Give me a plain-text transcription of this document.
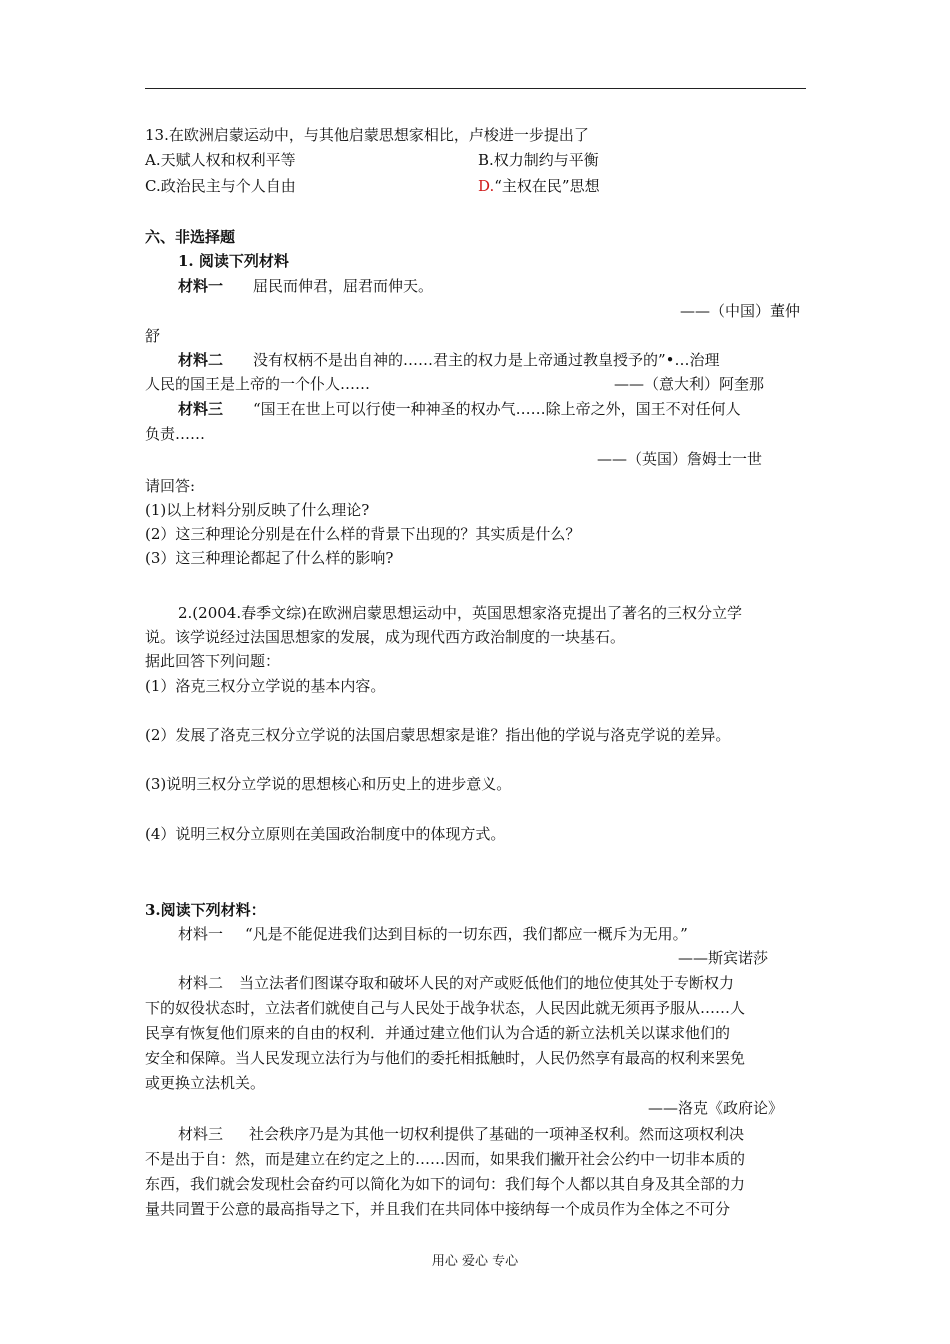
13.在欧洲启蒙运动中，与其他启蒙思想家相比，卢梭进一步提出了
A.天赋人权和权利平等	B.权力制约与平衡
C.政治民主与个人自由	D.“主权在民”思想
六、非选择题
1. 阅读下列材料
材料一 屈民而伸君，屈君而伸天。
——（中国）董仲
舒
材料二 没有权柄不是出自神的……君主的权力是上帝通过教皇授予的”•…治理
人民的国王是上帝的一个仆人……	——（意大利）阿奎那
材料三 “国王在世上可以行使一种神圣的权办气……除上帝之外，国王不对任何人
负责……
——（英国）詹姆士一世
请回答:
(1)以上材料分别反映了什么理论?
(2）这三种理论分别是在什么样的背景下出现的？其实质是什么？
(3）这三种理论都起了什么样的影响?
2.(2004.春季文综)在欧洲启蒙思想运动中，英国思想家洛克提出了著名的三权分立学
说。该学说经过法国思想家的发展，成为现代西方政治制度的一块基石。
据此回答下列问题：
(1）洛克三权分立学说的基本内容。
(2）发展了洛克三权分立学说的法国启蒙思想家是谁？指出他的学说与洛克学说的差异。
(3)说明三权分立学说的思想核心和历史上的进步意义。
(4）说明三权分立原则在美国政治制度中的体现方式。
3.阅读下列材料：
材料一 “凡是不能促进我们达到目标的一切东西，我们都应一概斥为无用。”
——斯宾诺莎
材料二 当立法者们图谋夺取和破坏人民的对产或贬低他们的地位使其处于专断权力
下的奴役状态时，立法者们就使自己与人民处于战争状态，人民因此就无须再予服从……人
民享有恢复他们原来的自由的权利．并通过建立他们认为合适的新立法机关以谋求他们的
安全和保障。当人民发现立法行为与他们的委托相抵触时，人民仍然享有最高的权利来罢免
或更换立法机关。
——洛克《政府论》
材料三 社会秩序乃是为其他一切权利提供了基础的一项神圣权利。然而这项权利决
不是出于自：然，而是建立在约定之上的……因而，如果我们撇开社会公约中一切非本质的
东西，我们就会发现杜会奋约可以简化为如下的词句：我们每个人都以其自身及其全部的力
量共同置于公意的最高指导之下，并且我们在共同体中接纳每一个成员作为全体之不可分
用心 爱心 专心
